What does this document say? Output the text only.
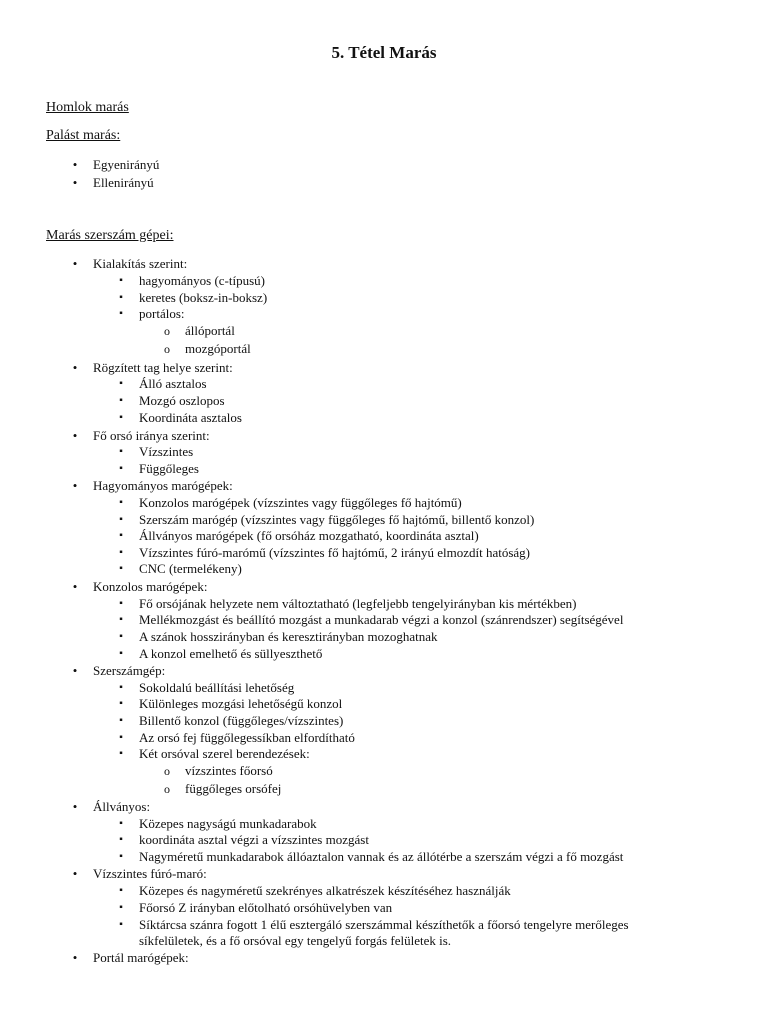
5. Tétel Marás
Homlok marás
Palást marás:
• Egyenirányú
• Ellenirányú
Marás szerszám gépei:
• Kialakítás szerint:
▪ hagyományos (c-típusú)
▪ keretes (boksz-in-boksz)
▪ portálos:
o állóportál
o mozgóportál
• Rögzített tag helye szerint:
▪ Álló asztalos
▪ Mozgó oszlopos
▪ Koordináta asztalos
• Fő orsó iránya szerint:
▪ Vízszintes
▪ Függőleges
• Hagyományos marógépek:
▪ Konzolos marógépek (vízszintes vagy függőleges fő hajtómű)
▪ Szerszám marógép (vízszintes vagy függőleges fő hajtómű, billentő konzol)
▪ Állványos marógépek (fő orsóház mozgatható, koordináta asztal)
▪ Vízszintes fúró-marómű (vízszintes fő hajtómű, 2 irányú elmozdít hatóság)
▪ CNC (termelékeny)
• Konzolos marógépek:
▪ Fő orsójának helyzete nem változtatható (legfeljebb tengelyirányban kis mértékben)
▪ Mellékmozgást és beállító mozgást a munkadarab végzi a konzol (szánrendszer) segítségével
▪ A szánok hosszirányban és keresztirányban mozoghatnak
▪ A konzol emelhető és süllyeszthető
• Szerszámgép:
▪ Sokoldalú beállítási lehetőség
▪ Különleges mozgási lehetőségű konzol
▪ Billentő konzol (függőleges/vízszintes)
▪ Az orsó fej függőlegessíkban elfordítható
▪ Két orsóval szerel berendezések:
o vízszintes főorsó
o függőleges orsófej
• Állványos:
▪ Közepes nagyságú munkadarabok
▪ koordináta asztal végzi a vízszintes mozgást
▪ Nagyméretű munkadarabok állóaztalon vannak és az állótérbe a szerszám végzi a fő mozgást
• Vízszintes fúró-maró:
▪ Közepes és nagyméretű szekrényes alkatrészek készítéséhez használják
▪ Főorsó Z irányban előtolható orsóhüvelyben van
▪ Síktárcsa szánra fogott 1 élű esztergáló szerszámmal készíthetők a főorsó tengelyre merőleges síkfelületek, és a fő orsóval egy tengelyű forgás felületek is.
• Portál marógépek:
